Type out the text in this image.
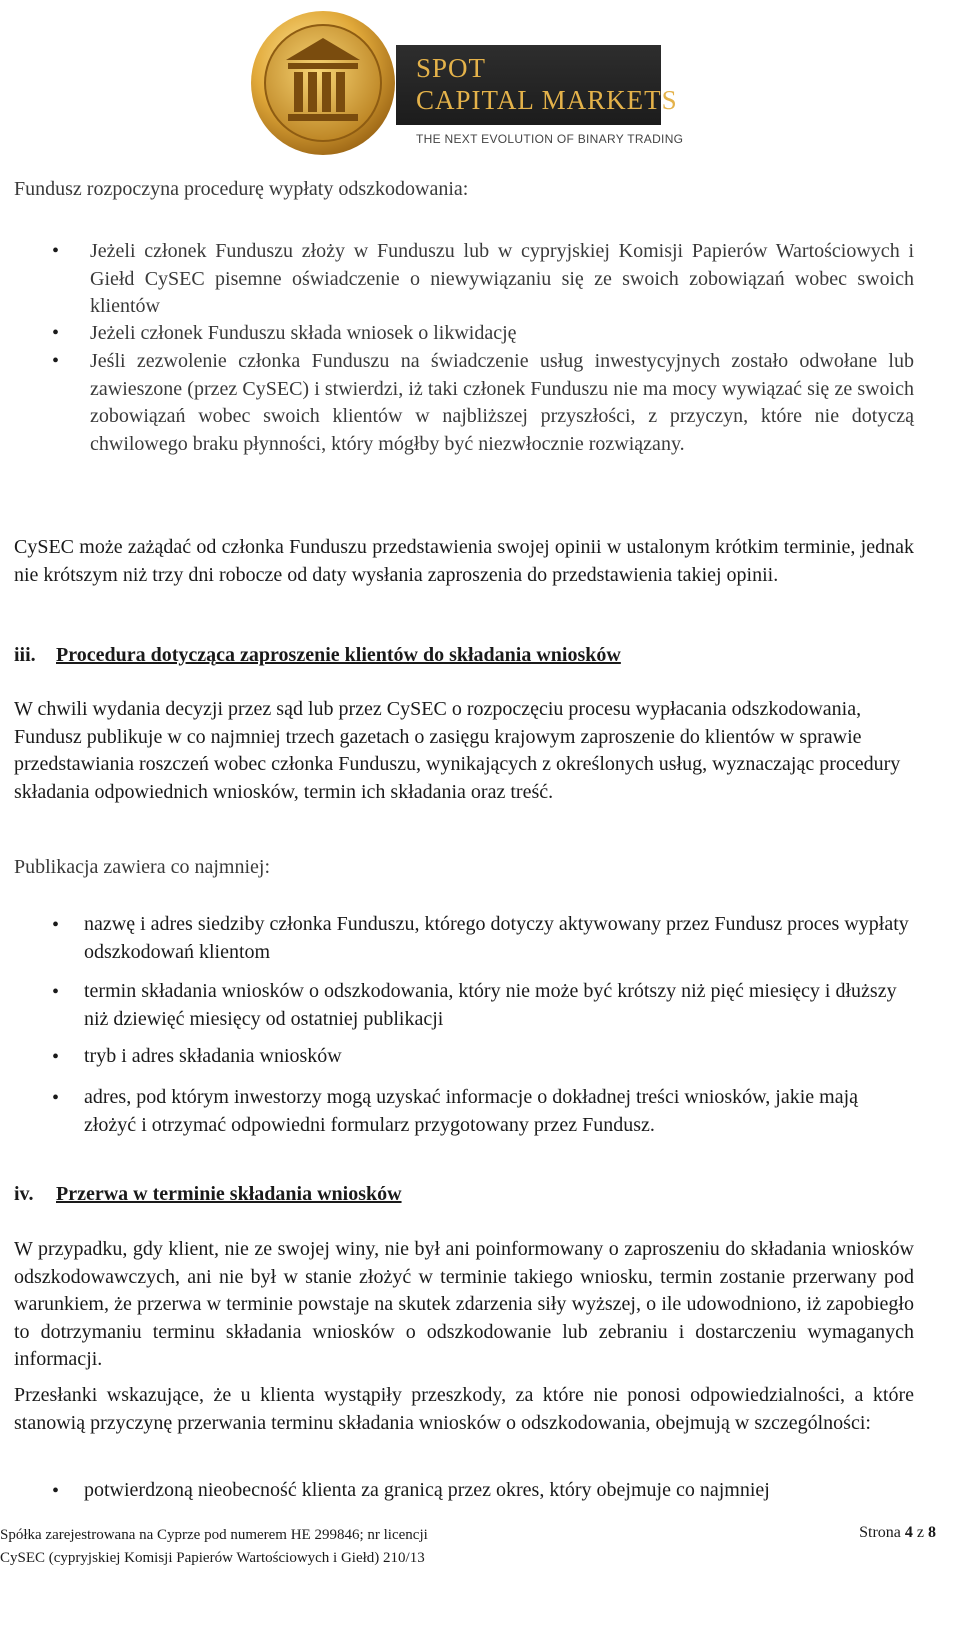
SPOT
CAPITAL MARKETS
THE NEXT EVOLUTION OF BINARY TRADING

Fundusz rozpoczyna procedurę wypłaty odszkodowania:

• Jeżeli członek Funduszu złoży w Funduszu lub w cypryjskiej Komisji Papierów Wartościowych i Giełd CySEC pisemne oświadczenie o niewywiązaniu się ze swoich zobowiązań wobec swoich klientów

• Jeżeli członek Funduszu składa wniosek o likwidację

• Jeśli zezwolenie członka Funduszu na świadczenie usług inwestycyjnych zostało odwołane lub zawieszone (przez CySEC) i stwierdzi, iż taki członek Funduszu nie ma mocy wywiązać się ze swoich zobowiązań wobec swoich klientów w najbliższej przyszłości, z przyczyn, które nie dotyczą chwilowego braku płynności, który mógłby być niezwłocznie rozwiązany.

CySEC może zażądać od członka Funduszu przedstawienia swojej opinii w ustalonym krótkim terminie, jednak nie krótszym niż trzy dni robocze od daty wysłania zaproszenia do przedstawienia takiej opinii.

iii. Procedura dotycząca zaproszenie klientów do składania wniosków

W chwili wydania decyzji przez sąd lub przez CySEC o rozpoczęciu procesu wypłacania odszkodowania, Fundusz publikuje w co najmniej trzech gazetach o zasięgu krajowym zaproszenie do klientów w sprawie przedstawiania roszczeń wobec członka Funduszu, wynikających z określonych usług, wyznaczając procedury składania odpowiednich wniosków, termin ich składania oraz treść.

Publikacja zawiera co najmniej:

• nazwę i adres siedziby członka Funduszu, którego dotyczy aktywowany przez Fundusz proces wypłaty odszkodowań klientom

• termin składania wniosków o odszkodowania, który nie może być krótszy niż pięć miesięcy i dłuższy niż dziewięć miesięcy od ostatniej publikacji

• tryb i adres składania wniosków

• adres, pod którym inwestorzy mogą uzyskać informacje o dokładnej treści wniosków, jakie mają złożyć i otrzymać odpowiedni formularz przygotowany przez Fundusz.

iv. Przerwa w terminie składania wniosków

W przypadku, gdy klient, nie ze swojej winy, nie był ani poinformowany o zaproszeniu do składania wniosków odszkodowawczych, ani nie był w stanie złożyć w terminie takiego wniosku, termin zostanie przerwany pod warunkiem, że przerwa w terminie powstaje na skutek zdarzenia siły wyższej, o ile udowodniono, iż zapobiegło to dotrzymaniu terminu składania wniosków o odszkodowanie lub zebraniu i dostarczeniu wymaganych informacji.

Przesłanki wskazujące, że u klienta wystąpiły przeszkody, za które nie ponosi odpowiedzialności, a które stanowią przyczynę przerwania terminu składania wniosków o odszkodowania, obejmują w szczególności:

• potwierdzoną nieobecność klienta za granicą przez okres, który obejmuje co najmniej

Spółka zarejestrowana na Cyprze pod numerem HE 299846; nr licencji

CySEC (cypryjskiej Komisji Papierów Wartościowych i Giełd) 210/13

Strona 4 z 8
